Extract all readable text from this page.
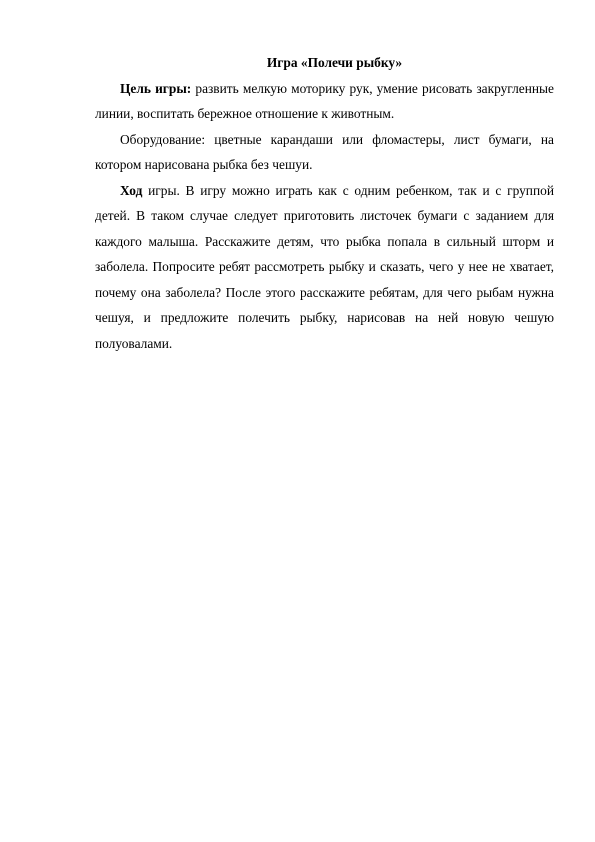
Игра «Полечи рыбку»

Цель игры: развить мелкую моторику рук, умение рисовать закругленные линии, воспитать бережное отношение к животным.

Оборудование: цветные карандаши или фломастеры, лист бумаги, на котором нарисована рыбка без чешуи.

Ход игры. В игру можно играть как с одним ребенком, так и с группой детей. В таком случае следует приготовить листочек бумаги с заданием для каждого малыша. Расскажите детям, что рыбка попала в сильный шторм и заболела. Попросите ребят рассмотреть рыбку и сказать, чего у нее не хватает, почему она заболела? После этого расскажите ребятам, для чего рыбам нужна чешуя, и предложите полечить рыбку, нарисовав на ней новую чешую полуовалами.
